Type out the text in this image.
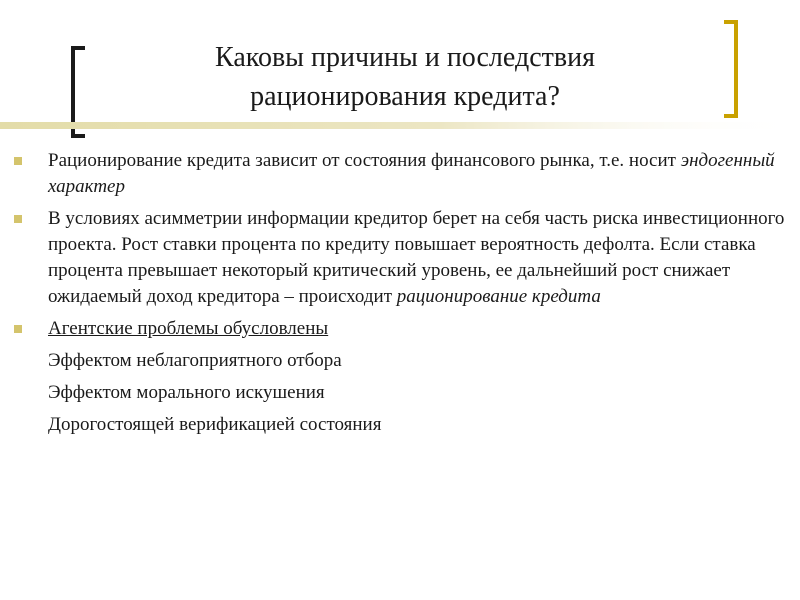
Каковы причины и последствия
рационирования кредита?
Рационирование кредита зависит от состояния финансового рынка, т.е. носит эндогенный характер
В условиях асимметрии информации кредитор берет на себя часть риска инвестиционного проекта. Рост ставки процента по кредиту повышает вероятность дефолта. Если ставка процента превышает некоторый критический уровень, ее дальнейший рост снижает ожидаемый доход кредитора – происходит рационирование кредита
Агентские проблемы обусловлены
Эффектом неблагоприятного отбора
Эффектом морального искушения
Дорогостоящей верификацией состояния
